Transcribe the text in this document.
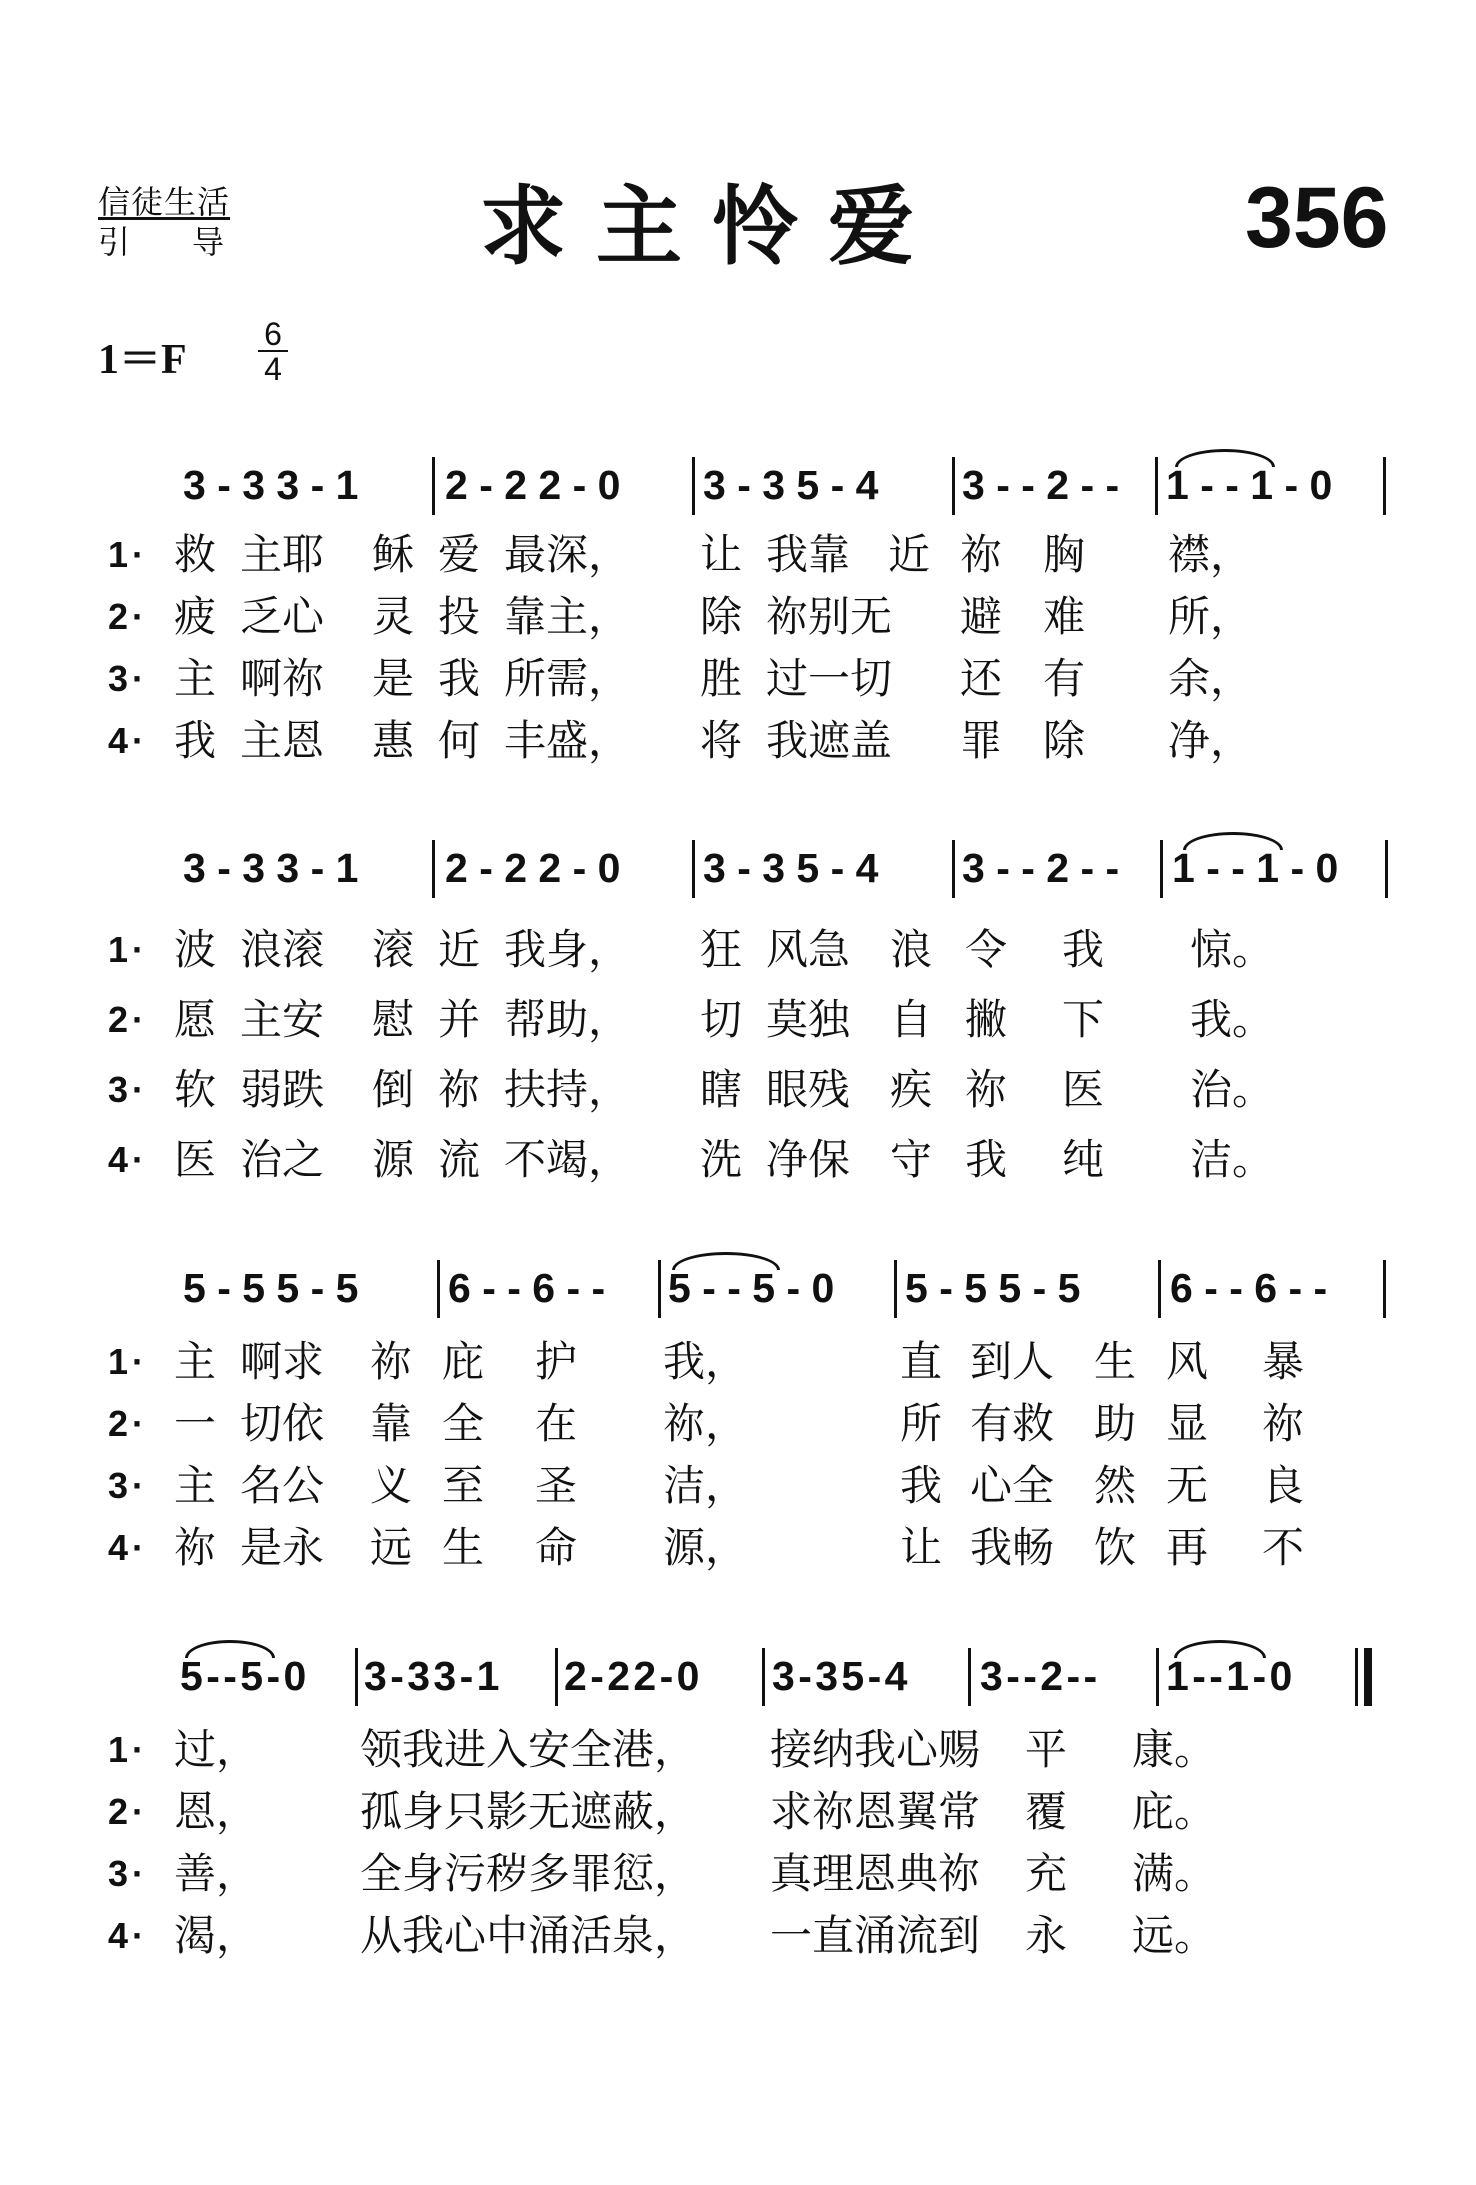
信徒生活
引导 求主怜爱	356
$1=F \frac{6}{4}$
3 - 3 3 - 1 2 - 2 2 - 0 3 - 3 5 - 4 3 - - 2 - - 1 - - 1 - 0
1 · 救 主耶 稣 爱 最深， 让 我靠 近 祢 胸 襟，
2 · 疲 乏心 灵 投 靠主， 除 祢别无 避 难 所，
3 · 主 啊祢 是 我 所需， 胜 过一切 还 有 余，
4 · 我 主恩 惠 何 丰盛， 将 我遮盖 罪 除 净，
3 - 3 3 - 1 2 - 2 2 - 0 3 - 3 5 - 4 3 - - 2 - - 1 - - 1 - 0
1 · 波 浪滚 滚 近 我身， 狂 风急 浪 令 我 惊。
2 · 愿 主安 慰 并 帮助， 切 莫独 自 撇 下 我。
3 · 软 弱跌 倒 祢 扶持， 瞎 眼残 疾 祢 医 治。
4 · 医 治之 源 流 不竭， 洗 净保 守 我 纯 洁。
5 - 5 5 - 5 6 - - 6 - - 5 - - 5 - 0 5 - 5 5 - 5 6 - - 6 - -
1 · 主 啊求 祢 庇 护 我，	直 到人 生 风 暴
2 · 一 切依 靠 全 在 祢，	所 有救 助 显 祢
3 · 主 名公 义 至 圣 洁，	我 心全 然 无 良
4 · 祢 是永 远 生 命 源，	让 我畅 饮 再 不
5 - - 5 - 0 3 - 3 3 - 1 2 - 2 2 - 0 3 - 3 5 - 4 3 - - 2 - - 1 - - 1 - 0
1 · 过， 领我进入安全港， 接纳我心赐 平 康。
2 · 恩， 孤身只影无遮蔽， 求祢恩翼常 覆 庇。
3 · 善， 全身污秽多罪愆， 真理恩典祢 充 满。
4 · 渴， 从我心中涌活泉， 一直涌流到 永 远。
